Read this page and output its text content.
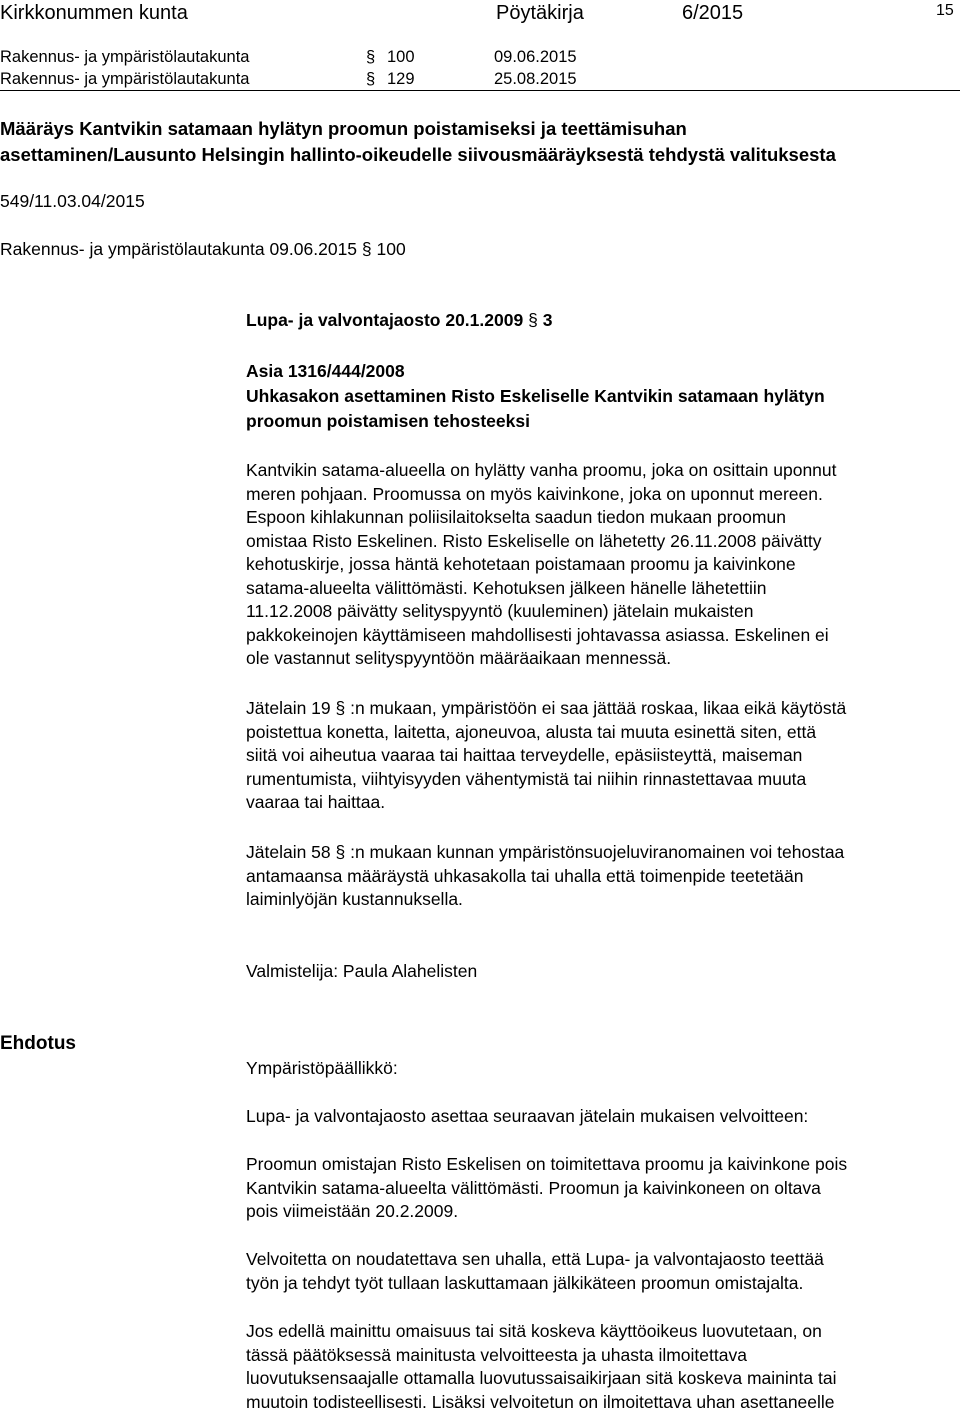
Kirkkonummen kunta	Pöytäkirja	6/2015	15
Rakennus- ja ympäristölautakunta	§ 100	09.06.2015
Rakennus- ja ympäristölautakunta	§ 129	25.08.2015
Määräys Kantvikin satamaan hylätyn proomun poistamiseksi ja teettämisuhan
asettaminen/Lausunto Helsingin hallinto-oikeudelle siivousmääräyksestä tehdystä valituksesta
549/11.03.04/2015
Rakennus- ja ympäristölautakunta 09.06.2015 § 100
Lupa- ja valvontajaosto 20.1.2009 § 3
Asia 1316/444/2008
Uhkasakon asettaminen Risto Eskeliselle Kantvikin satamaan hylätyn
proomun poistamisen tehosteeksi

Kantvikin satama-alueella on hylätty vanha proomu, joka on osittain uponnut

meren pohjaan. Proomussa on myös kaivinkone, joka on uponnut mereen.

Espoon kihlakunnan poliisilaitokselta saadun tiedon mukaan proomun

omistaa Risto Eskelinen. Risto Eskeliselle on lähetetty 26.11.2008 päivätty

kehotuskirje, jossa häntä kehotetaan poistamaan proomu ja kaivinkone

satama-alueelta välittömästi. Kehotuksen jälkeen hänelle lähetettiin

11.12.2008 päivätty selityspyyntö (kuuleminen) jätelain mukaisten

pakkokeinojen käyttämiseen mahdollisesti johtavassa asiassa. Eskelinen ei

ole vastannut selityspyyntöön määräaikaan mennessä.

Jätelain 19 § :n mukaan, ympäristöön ei saa jättää roskaa, likaa eikä käytöstä

poistettua konetta, laitetta, ajoneuvoa, alusta tai muuta esinettä siten, että

siitä voi aiheutua vaaraa tai haittaa terveydelle, epäsiisteyttä, maiseman

rumentumista, viihtyisyyden vähentymistä tai niihin rinnastettavaa muuta

vaaraa tai haittaa.

Jätelain 58 § :n mukaan kunnan ympäristönsuojeluviranomainen voi tehostaa

antamaansa määräystä uhkasakolla tai uhalla että toimenpide teetetään

laiminlyöjän kustannuksella.

Valmistelija: Paula Alahelisten
Ehdotus
Ympäristöpäällikkö:
Lupa- ja valvontajaosto asettaa seuraavan jätelain mukaisen velvoitteen:

Proomun omistajan Risto Eskelisen on toimitettava proomu ja kaivinkone pois

Kantvikin satama-alueelta välittömästi. Proomun ja kaivinkoneen on oltava

pois viimeistään 20.2.2009.

Velvoitetta on noudatettava sen uhalla, että Lupa- ja valvontajaosto teettää

työn ja tehdyt työt tullaan laskuttamaan jälkikäteen proomun omistajalta.

Jos edellä mainittu omaisuus tai sitä koskeva käyttöoikeus luovutetaan, on

tässä päätöksessä mainitusta velvoitteesta ja uhasta ilmoitettava

luovutuksensaajalle ottamalla luovutussaisaikirjaan sitä koskeva maininta tai

muutoin todisteellisesti. Lisäksi velvoitetun on ilmoitettava uhan asettaneelle
